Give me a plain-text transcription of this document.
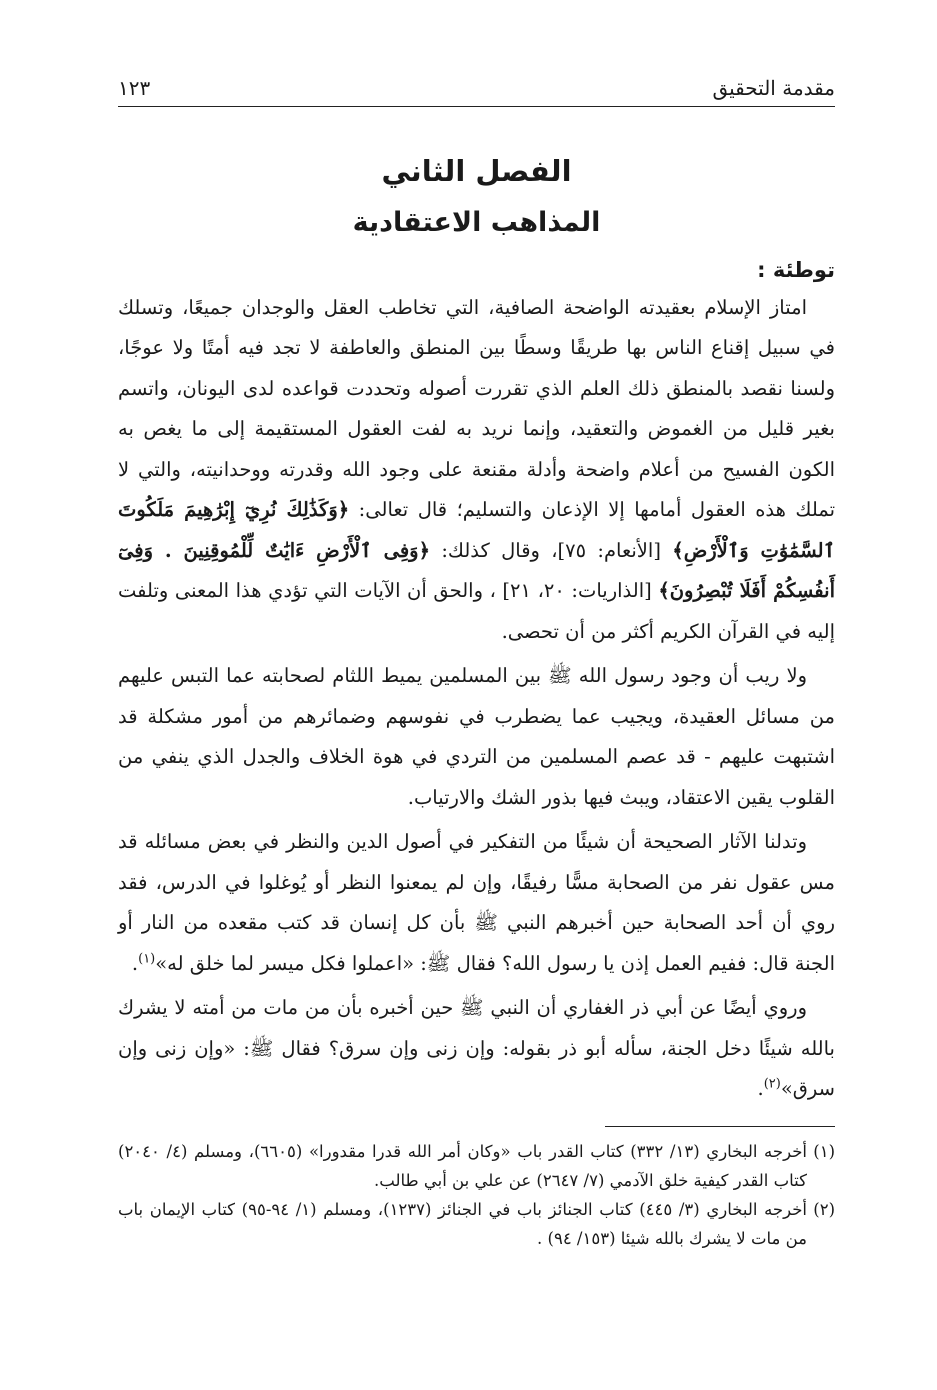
مقدمة التحقيق
١٢٣
الفصل الثاني
المذاهب الاعتقادية
توطئة :

امتاز الإسلام بعقيدته الواضحة الصافية، التي تخاطب العقل والوجدان جميعًا، وتسلك في سبيل إقناع الناس بها طريقًا وسطًا بين المنطق والعاطفة لا تجد فيه أمتًا ولا عوجًا، ولسنا نقصد بالمنطق ذلك العلم الذي تقررت أصوله وتحددت قواعده لدى اليونان، واتسم بغير قليل من الغموض والتعقيد، وإنما نريد به لفت العقول المستقيمة إلى ما يغص به الكون الفسيح من أعلام واضحة وأدلة مقنعة على وجود الله وقدرته ووحدانيته، والتي لا تملك هذه العقول أمامها إلا الإذعان والتسليم؛ قال تعالى: ﴿وَكَذَٰلِكَ نُرِيٓ إِبْرَٰهِيمَ مَلَكُوتَ ٱلسَّمَٰوَٰتِ وَٱلْأَرْضِ﴾ [الأنعام: ٧٥]، وقال كذلك: ﴿وَفِى ٱلْأَرْضِ ءَايَٰتٌ لِّلْمُوقِنِينَ . وَفِىٓ أَنفُسِكُمْ أَفَلَا تُبْصِرُونَ﴾ [الذاريات: ٢٠، ٢١] ، والحق أن الآيات التي تؤدي هذا المعنى وتلفت إليه في القرآن الكريم أكثر من أن تحصى.

ولا ريب أن وجود رسول الله ﷺ بين المسلمين يميط اللثام لصحابته عما التبس عليهم من مسائل العقيدة، ويجيب عما يضطرب في نفوسهم وضمائرهم من أمور مشكلة قد اشتبهت عليهم - قد عصم المسلمين من التردي في هوة الخلاف والجدل الذي ينفي من القلوب يقين الاعتقاد، ويبث فيها بذور الشك والارتياب.

وتدلنا الآثار الصحيحة أن شيئًا من التفكير في أصول الدين والنظر في بعض مسائله قد مس عقول نفر من الصحابة مسًّا رفيقًا، وإن لم يمعنوا النظر أو يُوغلوا في الدرس، فقد روي أن أحد الصحابة حين أخبرهم النبي ﷺ بأن كل إنسان قد كتب مقعده من النار أو الجنة قال: ففيم العمل إذن يا رسول الله؟ فقال ﷺ: «اعملوا فكل ميسر لما خلق له»$^{(١)}$.

وروي أيضًا عن أبي ذر الغفاري أن النبي ﷺ حين أخبره بأن من مات من أمته لا يشرك بالله شيئًا دخل الجنة، سأله أبو ذر بقوله: وإن زنى وإن سرق؟ فقال ﷺ: «وإن زنى وإن سرق»$^{(٢)}$.

(١)
أخرجه البخاري (١٣/ ٣٣٢) كتاب القدر باب «وكان أمر الله قدرا مقدورا» (٦٦٠٥)، ومسلم (٤/ ٢٠٤٠) كتاب القدر كيفية خلق الآدمي (٧/ ٢٦٤٧) عن علي بن أبي طالب.

(٢)
أخرجه البخاري (٣/ ٤٤٥) كتاب الجنائز باب في الجنائز (١٢٣٧)، ومسلم (١/ ٩٤-٩٥) كتاب الإيمان باب من مات لا يشرك بالله شيئا (١٥٣/ ٩٤) .
